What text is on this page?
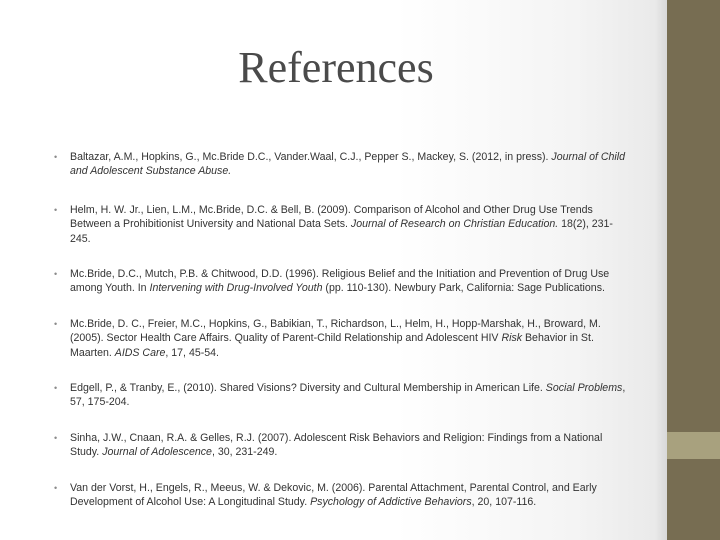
References
• Baltazar, A.M., Hopkins, G., Mc.Bride D.C., Vander.Waal, C.J., Pepper S., Mackey, S. (2012, in press). Journal of Child and Adolescent Substance Abuse.
• Helm, H. W. Jr., Lien, L.M., Mc.Bride, D.C. & Bell, B. (2009). Comparison of Alcohol and Other Drug Use Trends Between a Prohibitionist University and National Data Sets. Journal of Research on Christian Education. 18(2), 231-245.
• Mc.Bride, D.C., Mutch, P.B. & Chitwood, D.D. (1996). Religious Belief and the Initiation and Prevention of Drug Use among Youth. In Intervening with Drug-Involved Youth (pp. 110-130). Newbury Park, California: Sage Publications.
• Mc.Bride, D. C., Freier, M.C., Hopkins, G., Babikian, T., Richardson, L., Helm, H., Hopp-Marshak, H., Broward, M. (2005). Sector Health Care Affairs. Quality of Parent-Child Relationship and Adolescent HIV Risk Behavior in St. Maarten. AIDS Care, 17, 45-54.
• Edgell, P., & Tranby, E., (2010). Shared Visions? Diversity and Cultural Membership in American Life. Social Problems, 57, 175-204.
• Sinha, J.W., Cnaan, R.A. & Gelles, R.J. (2007). Adolescent Risk Behaviors and Religion: Findings from a National Study. Journal of Adolescence, 30, 231-249.
• Van der Vorst, H., Engels, R., Meeus, W. & Dekovic, M. (2006). Parental Attachment, Parental Control, and Early Development of Alcohol Use: A Longitudinal Study. Psychology of Addictive Behaviors, 20, 107-116.
